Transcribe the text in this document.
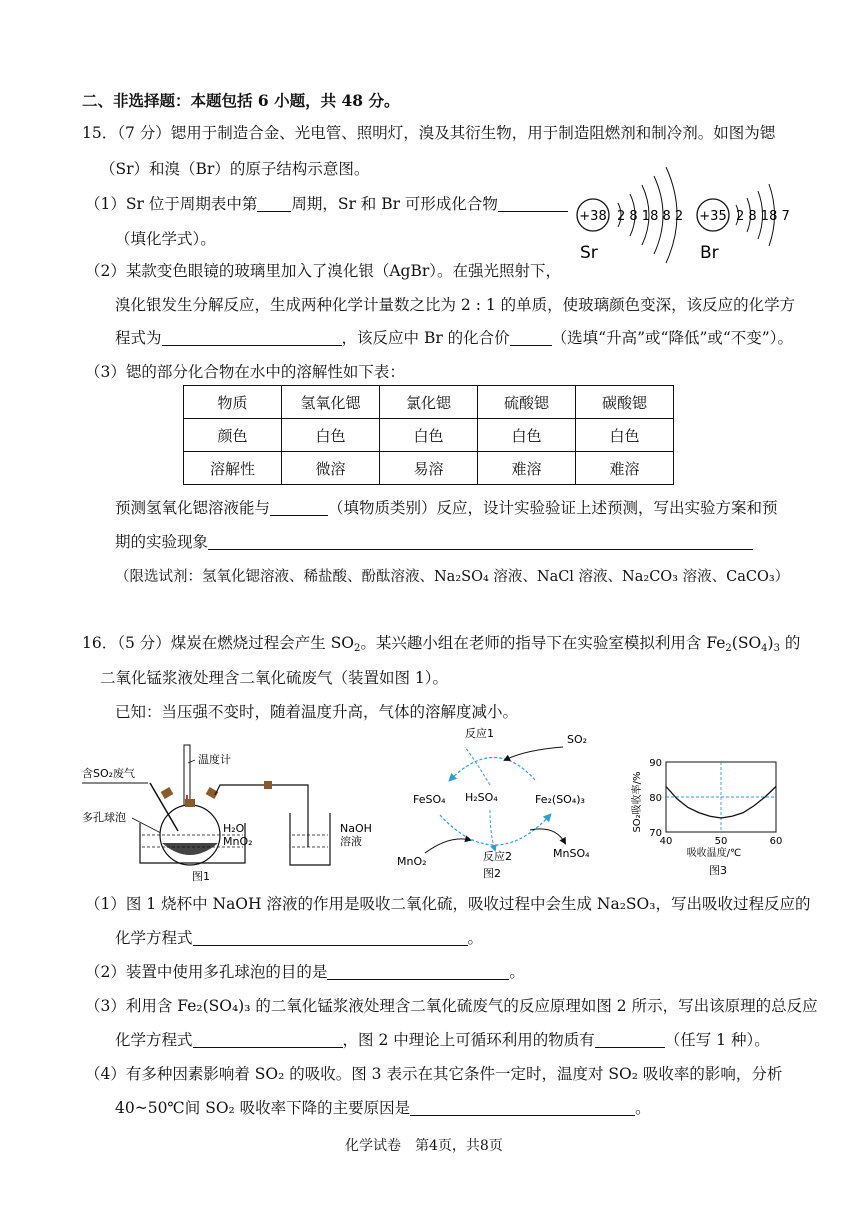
二、非选择题：本题包括 6 小题，共 48 分。
15．（7 分）锶用于制造合金、光电管、照明灯，溴及其衍生物，用于制造阻燃剂和制冷剂。如图为锶
（Sr）和溴（Br）的原子结构示意图。
（1）Sr 位于周期表中第 周期，Sr 和 Br 可形成化合物
（填化学式）。
+38 2 8 18 8 2
Sr
+35 2 8 18 7
Br
（2）某款变色眼镜的玻璃里加入了溴化银（AgBr）。在强光照射下，
溴化银发生分解反应，生成两种化学计量数之比为 2 : 1 的单质，使玻璃颜色变深，该反应的化学方
程式为	，该反应中 Br 的化合价	（选填“升高”或“降低”或“不变”）。
（3）锶的部分化合物在水中的溶解性如下表：
物质	氢氧化锶	氯化锶	硫酸锶	碳酸锶
颜色	白色	白色	白色	白色
溶解性	微溶	易溶	难溶	难溶
预测氢氧化锶溶液能与	（填物质类别）反应，设计实验验证上述预测，写出实验方案和预
期的实验现象
（限选试剂：氢氧化锶溶液、稀盐酸、酚酞溶液、Na₂SO₄ 溶液、NaCl 溶液、Na₂CO₃ 溶液、CaCO₃）
16．（5 分）煤炭在燃烧过程会产生 $SO_2$。某兴趣小组在老师的指导下在实验室模拟利用含 $Fe_2(SO_4)_3$ 的
二氧化锰浆液处理含二氧化硫废气（装置如图 1）。
已知：当压强不变时，随着温度升高，气体的溶解度减小。
温度计
含SO₂废气
多孔球泡
H₂O
MnO₂
NaOH
溶液
图1
反应1	SO₂
FeSO₄ H₂SO₄	Fe₂(SO₄)₃
反应2
MnO₂
MnSO₄
图2
SO₂吸收率/%
90
80
70
40	50	60
吸收温度/℃
图3
（1）图 1 烧杯中 NaOH 溶液的作用是吸收二氧化硫，吸收过程中会生成 Na₂SO₃，写出吸收过程反应的
化学方程式	。
（2）装置中使用多孔球泡的目的是	。
（3）利用含 Fe₂(SO₄)₃ 的二氧化锰浆液处理含二氧化硫废气的反应原理如图 2 所示，写出该原理的总反应
化学方程式	，图 2 中理论上可循环利用的物质有	（任写 1 种）。
（4）有多种因素影响着 SO₂ 的吸收。图 3 表示在其它条件一定时，温度对 SO₂ 吸收率的影响，分析
40~50℃间 SO₂ 吸收率下降的主要原因是	。
化学试卷　第4页，共8页
